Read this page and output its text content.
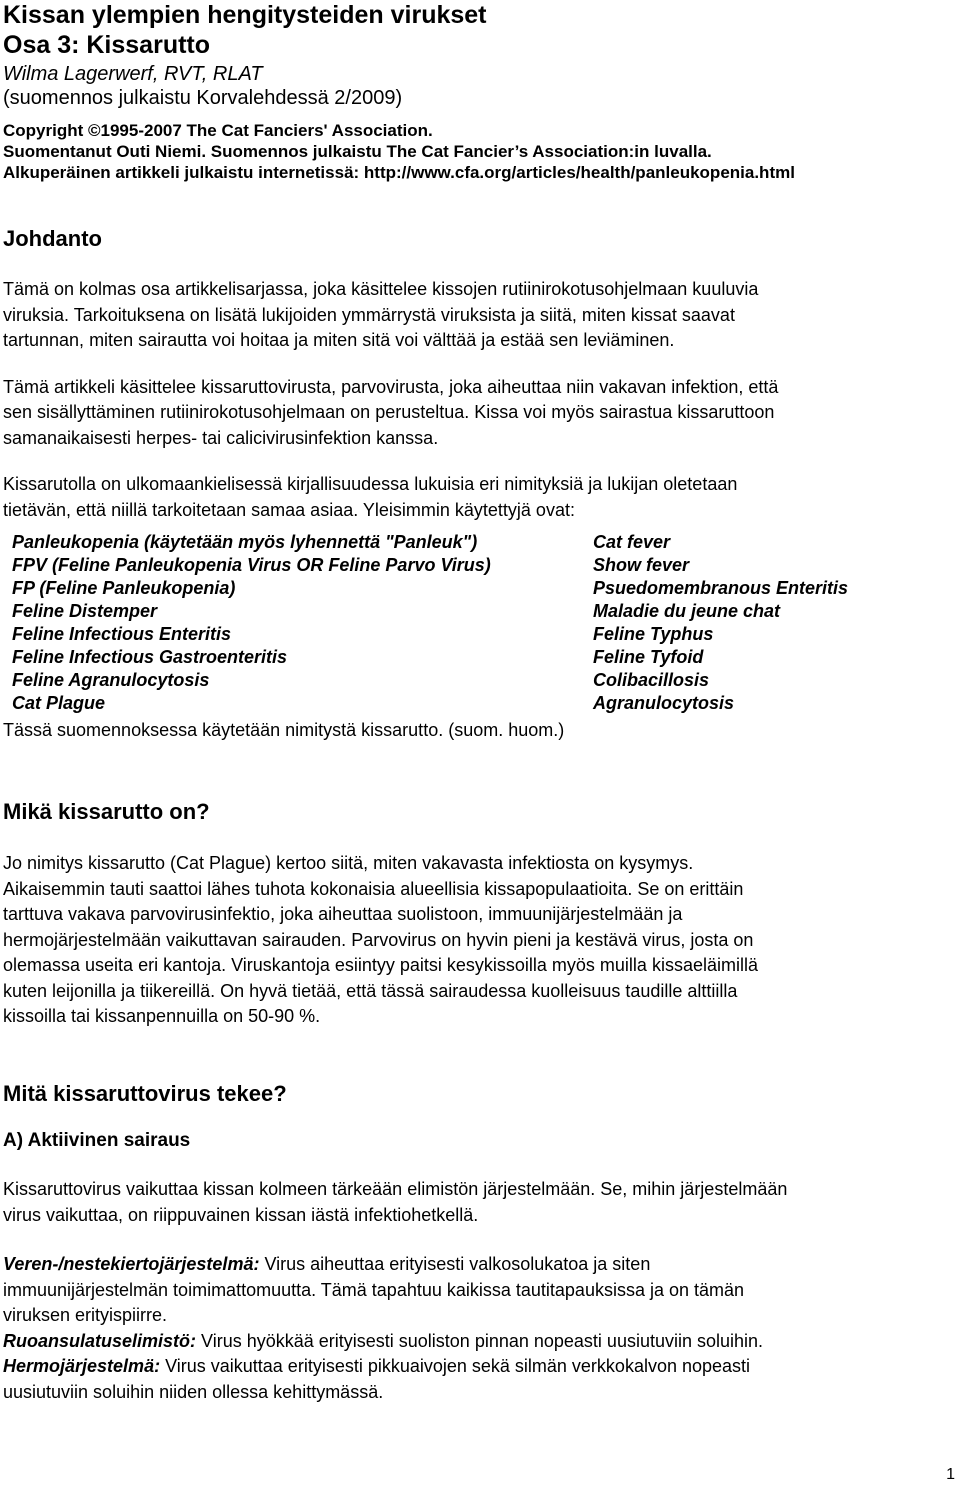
Kissan ylempien hengitysteiden virukset
Osa 3: Kissarutto
Wilma Lagerwerf, RVT, RLAT
(suomennos julkaistu Korvalehdessä 2/2009)
Copyright ©1995-2007 The Cat Fanciers' Association.
Suomentanut Outi Niemi. Suomennos julkaistu The Cat Fancier’s Association:in luvalla.
Alkuperäinen artikkeli julkaistu internetissä: http://www.cfa.org/articles/health/panleukopenia.html
Johdanto
Tämä on kolmas osa artikkelisarjassa, joka käsittelee kissojen rutiinirokotusohjelmaan kuuluvia
viruksia. Tarkoituksena on lisätä lukijoiden ymmärrystä viruksista ja siitä, miten kissat saavat
tartunnan, miten sairautta voi hoitaa ja miten sitä voi välttää ja estää sen leviäminen.
Tämä artikkeli käsittelee kissaruttovirusta, parvovirusta, joka aiheuttaa niin vakavan infektion, että
sen sisällyttäminen rutiinirokotusohjelmaan on perusteltua. Kissa voi myös sairastua kissaruttoon
samanaikaisesti herpes- tai calicivirusinfektion kanssa.
Kissarutolla on ulkomaankielisessä kirjallisuudessa lukuisia eri nimityksiä ja lukijan oletetaan
tietävän, että niillä tarkoitetaan samaa asiaa. Yleisimmin käytettyjä ovat:
Panleukopenia (käytetään myös lyhennettä "Panleuk")
FPV (Feline Panleukopenia Virus OR Feline Parvo Virus)
FP (Feline Panleukopenia)
Feline Distemper
Feline Infectious Enteritis
Feline Infectious Gastroenteritis
Feline Agranulocytosis
Cat Plague
Cat fever
Show fever
Psuedomembranous Enteritis
Maladie du jeune chat
Feline Typhus
Feline Tyfoid
Colibacillosis
Agranulocytosis
Tässä suomennoksessa käytetään nimitystä kissarutto. (suom. huom.)
Mikä kissarutto on?
Jo nimitys kissarutto (Cat Plague) kertoo siitä, miten vakavasta infektiosta on kysymys.
Aikaisemmin tauti saattoi lähes tuhota kokonaisia alueellisia kissapopulaatioita. Se on erittäin
tarttuva vakava parvovirusinfektio, joka aiheuttaa suolistoon, immuunijärjestelmään ja
hermojärjestelmään vaikuttavan sairauden. Parvovirus on hyvin pieni ja kestävä virus, josta on
olemassa useita eri kantoja. Viruskantoja esiintyy paitsi kesykissoilla myös muilla kissaeläimillä
kuten leijonilla ja tiikereillä. On hyvä tietää, että tässä sairaudessa kuolleisuus taudille alttiilla
kissoilla tai kissanpennuilla on 50-90 %.
Mitä kissaruttovirus tekee?
A) Aktiivinen sairaus
Kissaruttovirus vaikuttaa kissan kolmeen tärkeään elimistön järjestelmään. Se, mihin järjestelmään
virus vaikuttaa, on riippuvainen kissan iästä infektiohetkellä.
Veren-/nestekiertojärjestelmä: Virus aiheuttaa erityisesti valkosolukatoa ja siten
immuunijärjestelmän toimimattomuutta. Tämä tapahtuu kaikissa tautitapauksissa ja on tämän
viruksen erityispiirre.
Ruoansulatuselimistö: Virus hyökkää erityisesti suoliston pinnan nopeasti uusiutuviin soluihin.
Hermojärjestelmä: Virus vaikuttaa erityisesti pikkuaivojen sekä silmän verkkokalvon nopeasti
uusiutuviin soluihin niiden ollessa kehittymässä.
1
